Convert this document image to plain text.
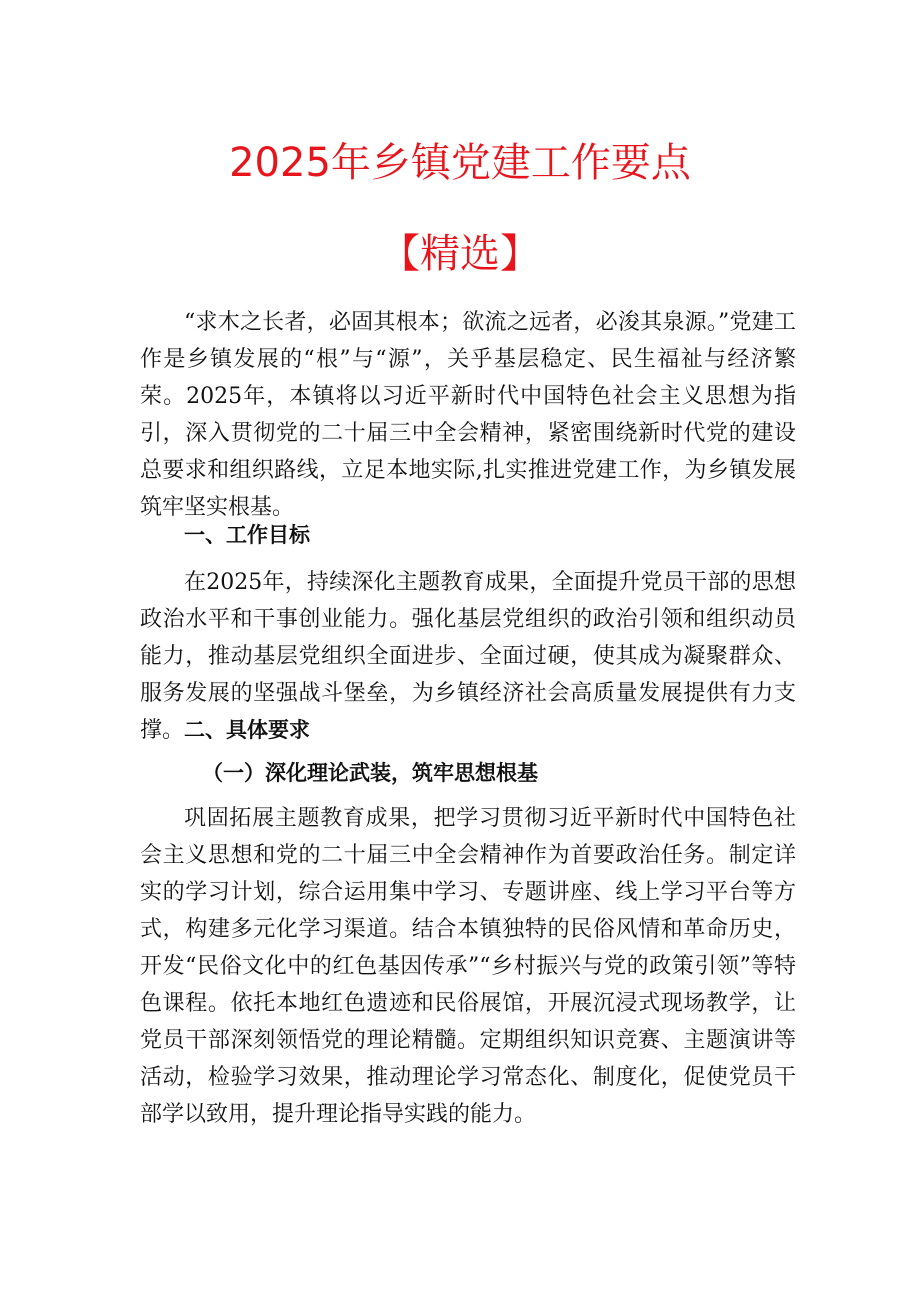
2025年乡镇党建工作要点
【精选】

“求木之长者，必固其根本；欲流之远者，必浚其泉源。”党建工作是乡镇发展的“根”与“源”，关乎基层稳定、民生福祉与经济繁荣。2025年，本镇将以习近平新时代中国特色社会主义思想为指引，深入贯彻党的二十届三中全会精神，紧密围绕新时代党的建设总要求和组织路线，立足本地实际,扎实推进党建工作，为乡镇发展筑牢坚实根基。

一、工作目标

在2025年，持续深化主题教育成果，全面提升党员干部的思想政治水平和干事创业能力。强化基层党组织的政治引领和组织动员能力，推动基层党组织全面进步、全面过硬，使其成为凝聚群众、服务发展的坚强战斗堡垒，为乡镇经济社会高质量发展提供有力支撑。 二、具体要求
（一）深化理论武装，筑牢思想根基

巩固拓展主题教育成果，把学习贯彻习近平新时代中国特色社会主义思想和党的二十届三中全会精神作为首要政治任务。制定详实的学习计划，综合运用集中学习、专题讲座、线上学习平台等方式，构建多元化学习渠道。结合本镇独特的民俗风情和革命历史，开发“民俗文化中的红色基因传承”“乡村振兴与党的政策引领”等特色课程。依托本地红色遗迹和民俗展馆，开展沉浸式现场教学，让党员干部深刻领悟党的理论精髓。定期组织知识竞赛、主题演讲等活动，检验学习效果，推动理论学习常态化、制度化，促使党员干部学以致用，提升理论指导实践的能力。
